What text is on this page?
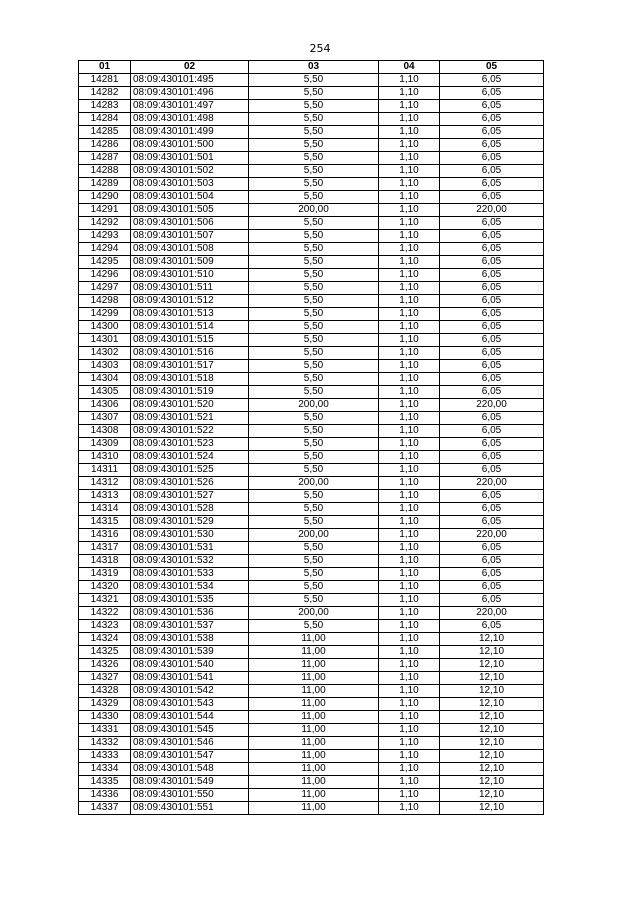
254
01	02	03	04	05
14281	08:09:430101:495	5,50	1,10	6,05
14282	08:09:430101:496	5,50	1,10	6,05
14283	08:09:430101:497	5,50	1,10	6,05
14284	08:09:430101:498	5,50	1,10	6,05
14285	08:09:430101:499	5,50	1,10	6,05
14286	08:09:430101:500	5,50	1,10	6,05
14287	08:09:430101:501	5,50	1,10	6,05
14288	08:09:430101:502	5,50	1,10	6,05
14289	08:09:430101:503	5,50	1,10	6,05
14290	08:09:430101:504	5,50	1,10	6,05
14291	08:09:430101:505	200,00	1,10	220,00
14292	08:09:430101:506	5,50	1,10	6,05
14293	08:09:430101:507	5,50	1,10	6,05
14294	08:09:430101:508	5,50	1,10	6,05
14295	08:09:430101:509	5,50	1,10	6,05
14296	08:09:430101:510	5,50	1,10	6,05
14297	08:09:430101:511	5,50	1,10	6,05
14298	08:09:430101:512	5,50	1,10	6,05
14299	08:09:430101:513	5,50	1,10	6,05
14300	08:09:430101:514	5,50	1,10	6,05
14301	08:09:430101:515	5,50	1,10	6,05
14302	08:09:430101:516	5,50	1,10	6,05
14303	08:09:430101:517	5,50	1,10	6,05
14304	08:09:430101:518	5,50	1,10	6,05
14305	08:09:430101:519	5,50	1,10	6,05
14306	08:09:430101:520	200,00	1,10	220,00
14307	08:09:430101:521	5,50	1,10	6,05
14308	08:09:430101:522	5,50	1,10	6,05
14309	08:09:430101:523	5,50	1,10	6,05
14310	08:09:430101:524	5,50	1,10	6,05
14311	08:09:430101:525	5,50	1,10	6,05
14312	08:09:430101:526	200,00	1,10	220,00
14313	08:09:430101:527	5,50	1,10	6,05
14314	08:09:430101:528	5,50	1,10	6,05
14315	08:09:430101:529	5,50	1,10	6,05
14316	08:09:430101:530	200,00	1,10	220,00
14317	08:09:430101:531	5,50	1,10	6,05
14318	08:09:430101:532	5,50	1,10	6,05
14319	08:09:430101:533	5,50	1,10	6,05
14320	08:09:430101:534	5,50	1,10	6,05
14321	08:09:430101:535	5,50	1,10	6,05
14322	08:09:430101:536	200,00	1,10	220,00
14323	08:09:430101:537	5,50	1,10	6,05
14324	08:09:430101:538	11,00	1,10	12,10
14325	08:09:430101:539	11,00	1,10	12,10
14326	08:09:430101:540	11,00	1,10	12,10
14327	08:09:430101:541	11,00	1,10	12,10
14328	08:09:430101:542	11,00	1,10	12,10
14329	08:09:430101:543	11,00	1,10	12,10
14330	08:09:430101:544	11,00	1,10	12,10
14331	08:09:430101:545	11,00	1,10	12,10
14332	08:09:430101:546	11,00	1,10	12,10
14333	08:09:430101:547	11,00	1,10	12,10
14334	08:09:430101:548	11,00	1,10	12,10
14335	08:09:430101:549	11,00	1,10	12,10
14336	08:09:430101:550	11,00	1,10	12,10
14337	08:09:430101:551	11,00	1,10	12,10
